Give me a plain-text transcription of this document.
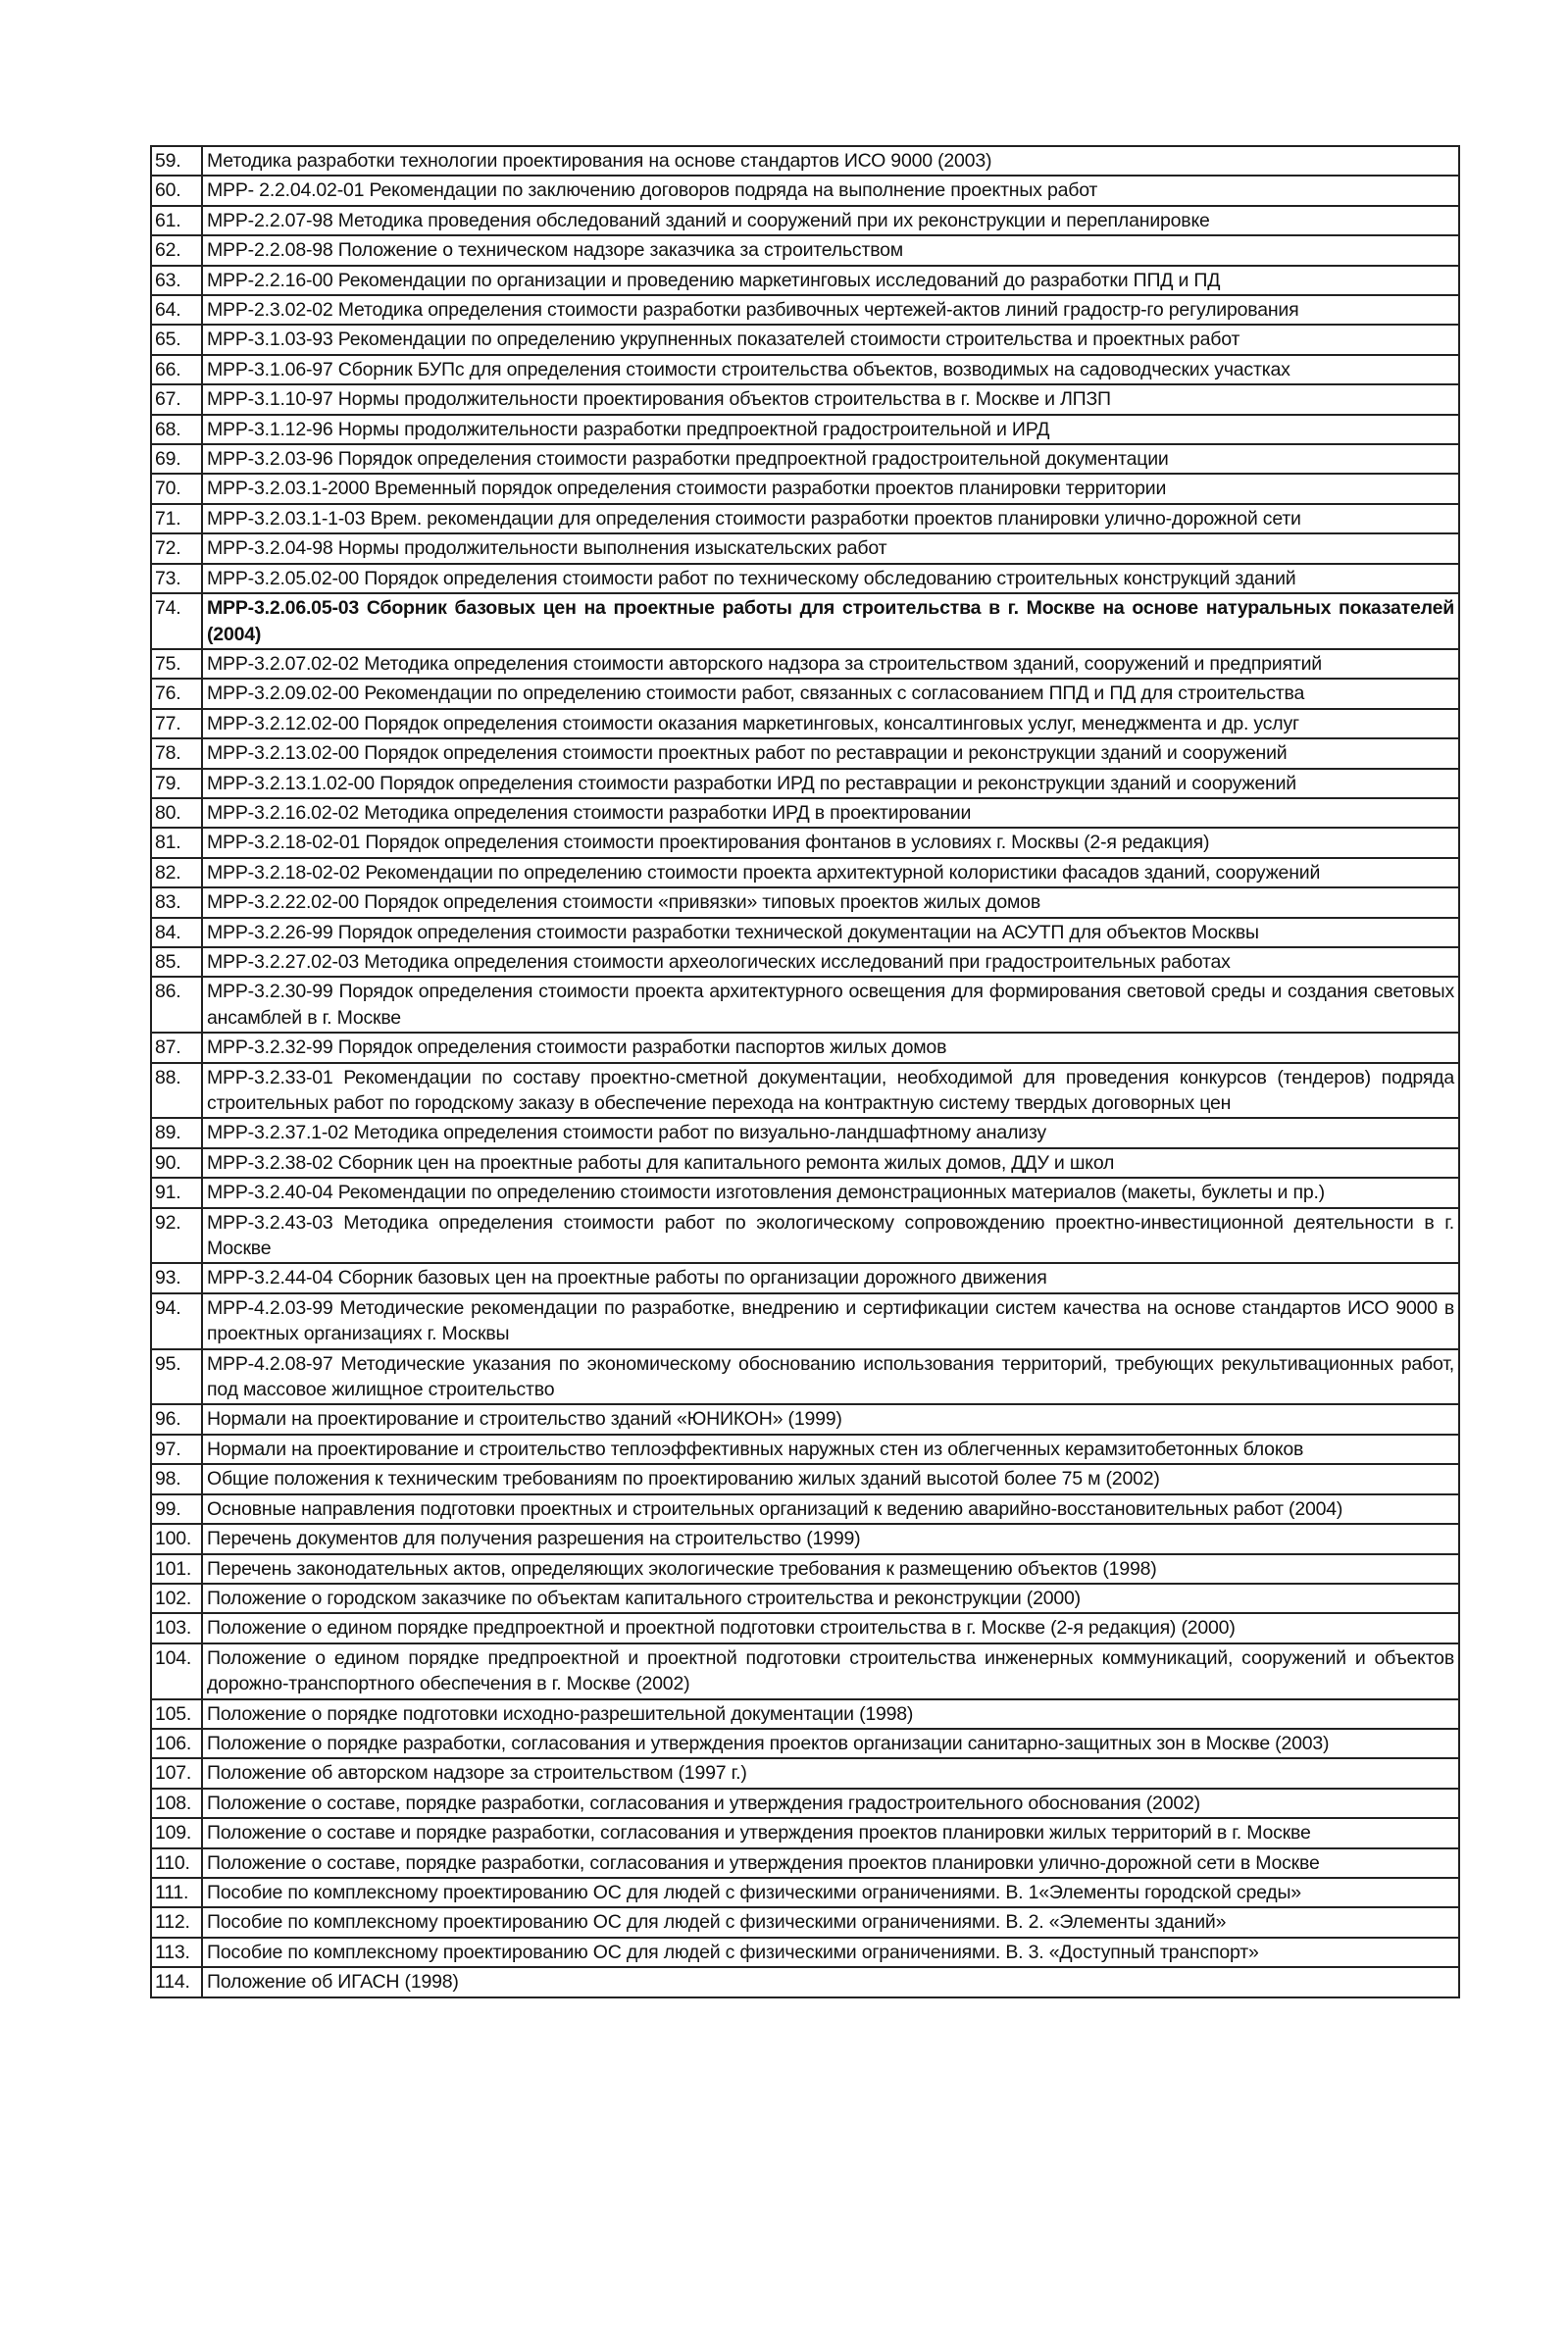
59.	Методика разработки технологии проектирования на основе стандартов ИСО 9000 (2003)
60.	МРР- 2.2.04.02-01 Рекомендации по заключению договоров подряда на выполнение проектных работ
61.	МРР-2.2.07-98 Методика проведения обследований зданий и сооружений при их реконструкции и перепланировке
62.	МРР-2.2.08-98 Положение о техническом надзоре заказчика за строительством
63.	МРР-2.2.16-00 Рекомендации по организации и проведению маркетинговых исследований до разработки ППД и ПД
64.	МРР-2.3.02-02 Методика определения стоимости разработки разбивочных чертежей-актов линий градостр-го регулирования
65.	МРР-3.1.03-93 Рекомендации по определению укрупненных показателей стоимости строительства и проектных работ
66.	МРР-3.1.06-97 Сборник БУПс для определения стоимости строительства объектов, возводимых на садоводческих участках
67.	МРР-3.1.10-97 Нормы продолжительности проектирования объектов строительства в г. Москве и ЛПЗП
68.	МРР-3.1.12-96 Нормы продолжительности разработки предпроектной градостроительной и ИРД
69.	МРР-3.2.03-96 Порядок определения стоимости разработки предпроектной градостроительной документации
70.	МРР-3.2.03.1-2000 Временный порядок определения стоимости разработки проектов планировки территории
71.	МРР-3.2.03.1-1-03 Врем. рекомендации для определения стоимости разработки проектов планировки улично-дорожной сети
72.	МРР-3.2.04-98 Нормы продолжительности выполнения изыскательских работ
73.	МРР-3.2.05.02-00 Порядок определения стоимости работ по техническому обследованию строительных конструкций зданий
74.	МРР-3.2.06.05-03 Сборник базовых цен на проектные работы для строительства в г. Москве на основе натуральных показателей (2004)
75.	МРР-3.2.07.02-02 Методика определения стоимости авторского надзора за строительством зданий, сооружений и предприятий
76.	МРР-3.2.09.02-00 Рекомендации по определению стоимости работ, связанных с согласованием ППД и ПД для строительства
77.	МРР-3.2.12.02-00 Порядок определения стоимости оказания маркетинговых, консалтинговых услуг, менеджмента и др. услуг
78.	МРР-3.2.13.02-00 Порядок определения стоимости проектных работ по реставрации и реконструкции зданий и сооружений
79.	МРР-3.2.13.1.02-00 Порядок определения стоимости разработки ИРД по реставрации и реконструкции зданий и сооружений
80.	МРР-3.2.16.02-02 Методика определения стоимости разработки ИРД в проектировании
81.	МРР-3.2.18-02-01 Порядок определения стоимости проектирования фонтанов в условиях г. Москвы (2-я редакция)
82.	МРР-3.2.18-02-02 Рекомендации по определению стоимости проекта архитектурной колористики фасадов зданий, сооружений
83.	МРР-3.2.22.02-00 Порядок определения стоимости «привязки» типовых проектов жилых домов
84.	МРР-3.2.26-99 Порядок определения стоимости разработки технической документации на АСУТП для объектов Москвы
85.	МРР-3.2.27.02-03 Методика определения стоимости археологических исследований при градостроительных работах
86.	МРР-3.2.30-99 Порядок определения стоимости проекта архитектурного освещения для формирования световой среды и создания световых ансамблей в г. Москве
87.	МРР-3.2.32-99 Порядок определения стоимости разработки паспортов жилых домов
88.	МРР-3.2.33-01 Рекомендации по составу проектно-сметной документации, необходимой для проведения конкурсов (тендеров) подряда строительных работ по городскому заказу в обеспечение перехода на контрактную систему твердых договорных цен
89.	МРР-3.2.37.1-02 Методика определения стоимости работ по визуально-ландшафтному анализу
90.	МРР-3.2.38-02 Сборник цен на проектные работы для капитального ремонта жилых домов, ДДУ и школ
91.	МРР-3.2.40-04 Рекомендации по определению стоимости изготовления демонстрационных материалов (макеты, буклеты и пр.)
92.	МРР-3.2.43-03 Методика определения стоимости работ по экологическому сопровождению проектно-инвестиционной деятельности в г. Москве
93.	МРР-3.2.44-04 Сборник базовых цен на проектные работы по организации дорожного движения
94.	МРР-4.2.03-99 Методические рекомендации по разработке, внедрению и сертификации систем качества на основе стандартов ИСО 9000 в проектных организациях г. Москвы
95.	МРР-4.2.08-97 Методические указания по экономическому обоснованию использования территорий, требующих рекультивационных работ, под массовое жилищное строительство
96.	Нормали на проектирование и строительство зданий «ЮНИКОН» (1999)
97.	Нормали на проектирование и строительство теплоэффективных наружных стен из облегченных керамзитобетонных блоков
98.	Общие положения к техническим требованиям по проектированию жилых зданий высотой более 75 м (2002)
99.	Основные направления подготовки проектных и строительных организаций к ведению аварийно-восстановительных работ (2004)
100.	Перечень документов для получения разрешения на строительство (1999)
101.	Перечень законодательных актов, определяющих экологические требования к размещению объектов (1998)
102.	Положение о городском заказчике по объектам капитального строительства и реконструкции (2000)
103.	Положение о едином порядке предпроектной и проектной подготовки строительства в г. Москве (2-я редакция) (2000)
104.	Положение о едином порядке предпроектной и проектной подготовки строительства инженерных коммуникаций, сооружений и объектов дорожно-транспортного обеспечения в г. Москве (2002)
105.	Положение о порядке подготовки исходно-разрешительной документации (1998)
106.	Положение о порядке разработки, согласования и утверждения проектов организации санитарно-защитных зон в Москве (2003)
107.	Положение об авторском надзоре за строительством (1997 г.)
108.	Положение о составе, порядке разработки, согласования и утверждения градостроительного обоснования (2002)
109.	Положение о составе и порядке разработки, согласования и утверждения проектов планировки жилых территорий в г. Москве
110.	Положение о составе, порядке разработки, согласования и утверждения проектов планировки улично-дорожной сети в Москве
111.	Пособие по комплексному проектированию ОС для людей с физическими ограничениями. В. 1«Элементы городской среды»
112.	Пособие по комплексному проектированию ОС для людей с физическими ограничениями. В. 2. «Элементы зданий»
113.	Пособие по комплексному проектированию ОС для людей с физическими ограничениями. В. 3. «Доступный транспорт»
114.	Положение об ИГАСН (1998)
